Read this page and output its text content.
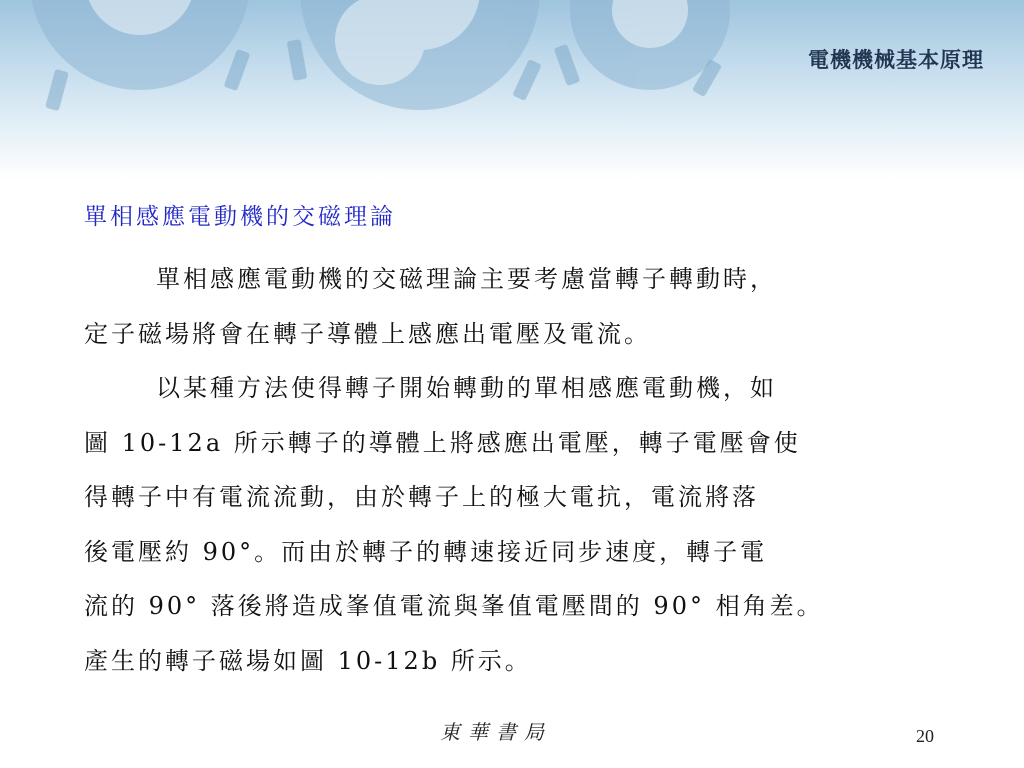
電機機械基本原理
單相感應電動機的交磁理論
單相感應電動機的交磁理論主要考慮當轉子轉動時，
定子磁場將會在轉子導體上感應出電壓及電流。
以某種方法使得轉子開始轉動的單相感應電動機，如
圖 10-12a 所示轉子的導體上將感應出電壓，轉子電壓會使
得轉子中有電流流動，由於轉子上的極大電抗，電流將落
後電壓約 90°。而由於轉子的轉速接近同步速度，轉子電
流的 90° 落後將造成峯值電流與峯值電壓間的 90° 相角差。
產生的轉子磁場如圖 10-12b 所示。
東華書局	20
